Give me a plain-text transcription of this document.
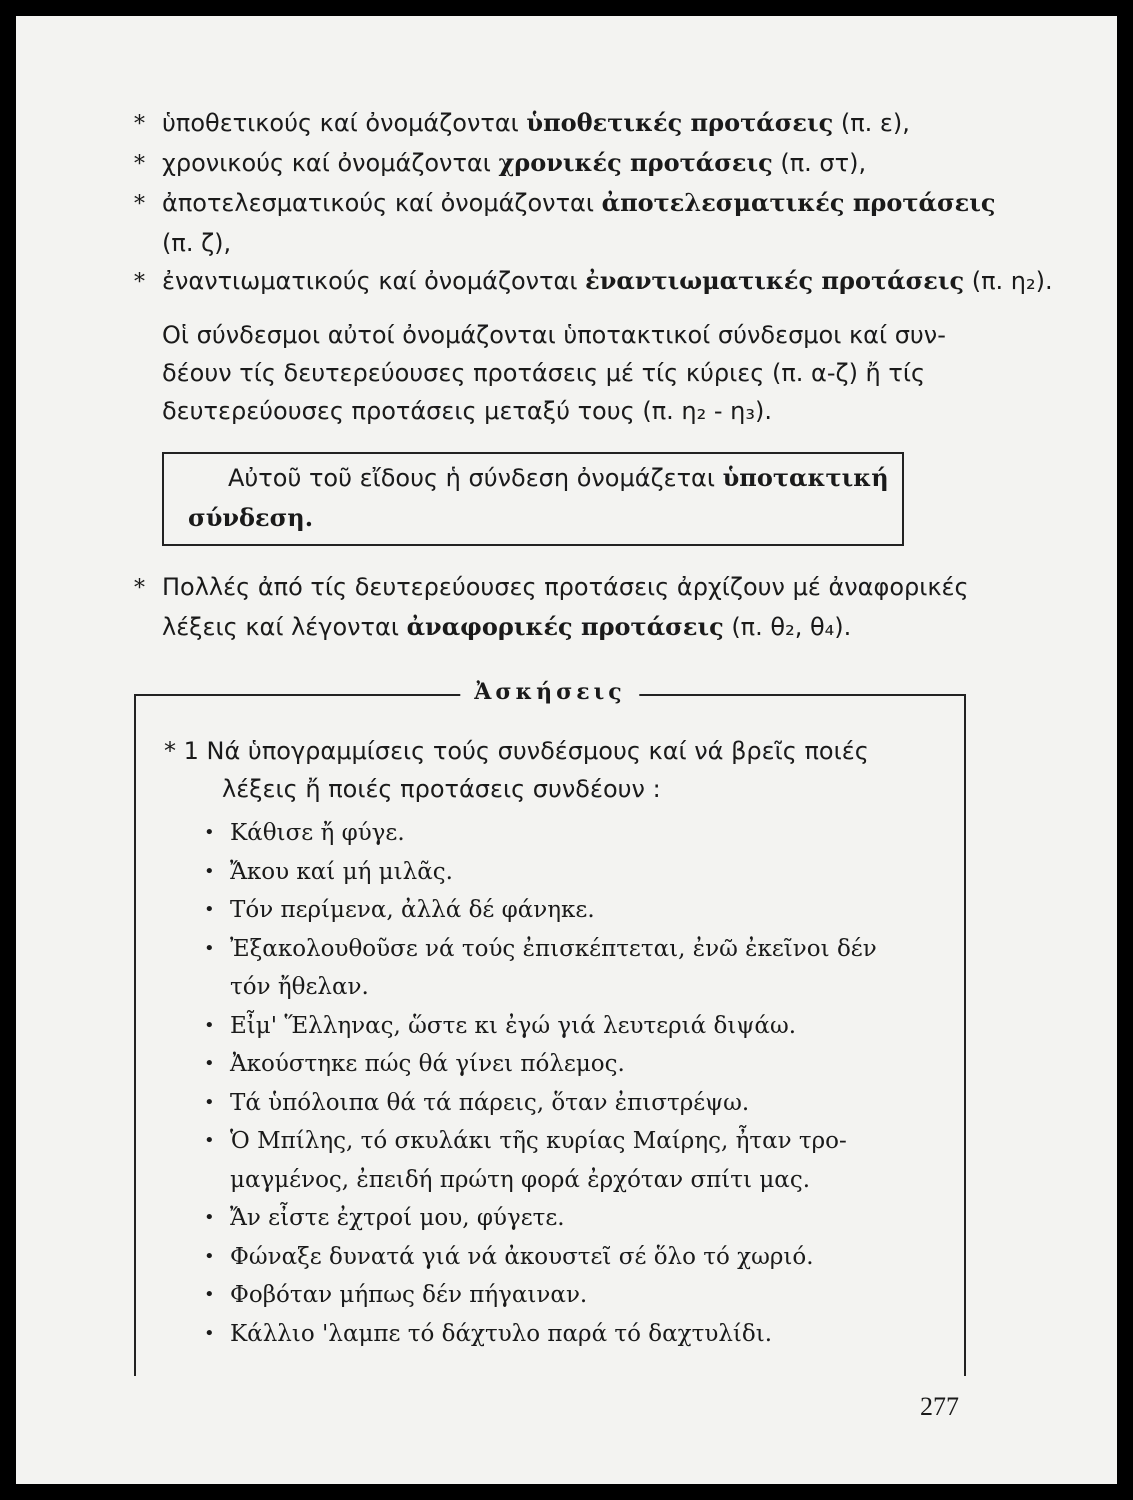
* ὑποθετικούς καί ὀνομάζονται ὑποθετικές προτάσεις (π. ε),
* χρονικούς καί ὀνομάζονται χρονικές προτάσεις (π. στ),
* ἀποτελεσματικούς καί ὀνομάζονται ἀποτελεσματικές προτάσεις
(π. ζ),
* ἐναντιωματικούς καί ὀνομάζονται ἐναντιωματικές προτάσεις (π. η₂).
Οἱ σύνδεσμοι αὐτοί ὀνομάζονται ὑποτακτικοί σύνδεσμοι καί συν-
δέουν τίς δευτερεύουσες προτάσεις μέ τίς κύριες (π. α-ζ) ἤ τίς
δευτερεύουσες προτάσεις μεταξύ τους (π. η₂ - η₃).
Αὐτοῦ τοῦ εἴδους ἡ σύνδεση ὀνομάζεται ὑποτακτική
σύνδεση.
* Πολλές ἀπό τίς δευτερεύουσες προτάσεις ἀρχίζουν μέ ἀναφορικές
λέξεις καί λέγονται ἀναφορικές προτάσεις (π. θ₂, θ₄).
Ἀσκήσεις
* 1 Νά ὑπογραμμίσεις τούς συνδέσμους καί νά βρεῖς ποιές
λέξεις ἤ ποιές προτάσεις συνδέουν :
• Κάθισε ἤ φύγε.
• Ἄκου καί μή μιλᾶς.
• Τόν περίμενα, ἀλλά δέ φάνηκε.
• Ἐξακολουθοῦσε νά τούς ἐπισκέπτεται, ἐνῶ ἐκεῖνοι δέν
τόν ἤθελαν.
• Εἶμ' Ἕλληνας, ὥστε κι ἐγώ γιά λευτεριά διψάω.
• Ἀκούστηκε πώς θά γίνει πόλεμος.
• Τά ὑπόλοιπα θά τά πάρεις, ὅταν ἐπιστρέψω.
• Ὁ Μπίλης, τό σκυλάκι τῆς κυρίας Μαίρης, ἦταν τρο-
μαγμένος, ἐπειδή πρώτη φορά ἐρχόταν σπίτι μας.
• Ἄν εἶστε ἐχτροί μου, φύγετε.
• Φώναξε δυνατά γιά νά ἀκουστεῖ σέ ὅλο τό χωριό.
• Φοβόταν μήπως δέν πήγαιναν.
• Κάλλιο 'λαμπε τό δάχτυλο παρά τό δαχτυλίδι.
277
